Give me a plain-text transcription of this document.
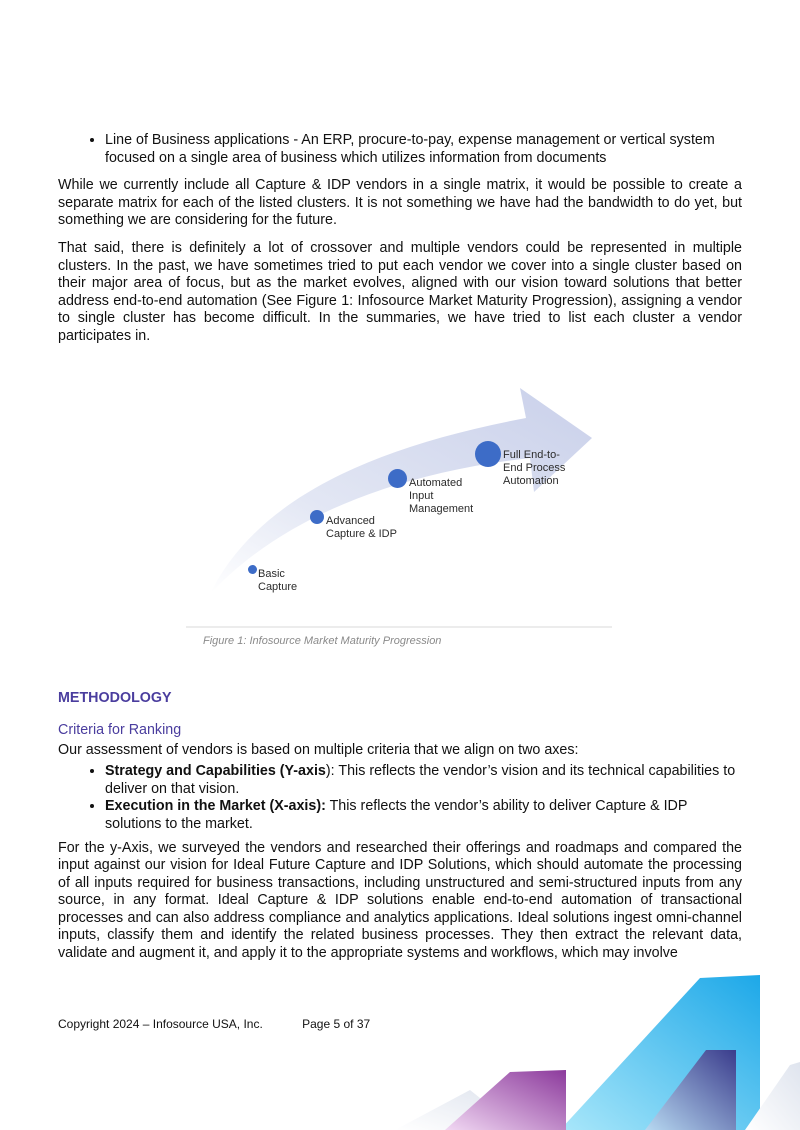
• Line of Business applications - An ERP, procure-to-pay, expense management or vertical system focused on a single area of business which utilizes information from documents

While we currently include all Capture & IDP vendors in a single matrix, it would be possible to create a separate matrix for each of the listed clusters. It is not something we have had the bandwidth to do yet, but something we are considering for the future.

That said, there is definitely a lot of crossover and multiple vendors could be represented in multiple clusters. In the past, we have sometimes tried to put each vendor we cover into a single cluster based on their major area of focus, but as the market evolves, aligned with our vision toward solutions that better address end-to-end automation (See Figure 1: Infosource Market Maturity Progression), assigning a vendor to single cluster has become difficult. In the summaries, we have tried to list each cluster a vendor participates in.

Basic
Capture
Advanced
Capture & IDP
Automated
Input
Management
Full End-to-
End Process
Automation
Figure 1: Infosource Market Maturity Progression
METHODOLOGY
Criteria for Ranking

Our assessment of vendors is based on multiple criteria that we align on two axes:

• Strategy and Capabilities (Y-axis): This reflects the vendor’s vision and its technical capabilities to deliver on that vision.
• Execution in the Market (X-axis): This reflects the vendor’s ability to deliver Capture & IDP solutions to the market.

For the y-Axis, we surveyed the vendors and researched their offerings and roadmaps and compared the input against our vision for Ideal Future Capture and IDP Solutions, which should automate the processing of all inputs required for business transactions, including unstructured and semi-structured inputs from any source, in any format. Ideal Capture & IDP solutions enable end-to-end automation of transactional processes and can also address compliance and analytics applications. Ideal solutions ingest omni-channel inputs, classify them and identify the related business processes. They then extract the relevant data, validate and augment it, and apply it to the appropriate systems and workflows, which may involve

Copyright 2024 – Infosource USA, Inc.	Page 5 of 37
